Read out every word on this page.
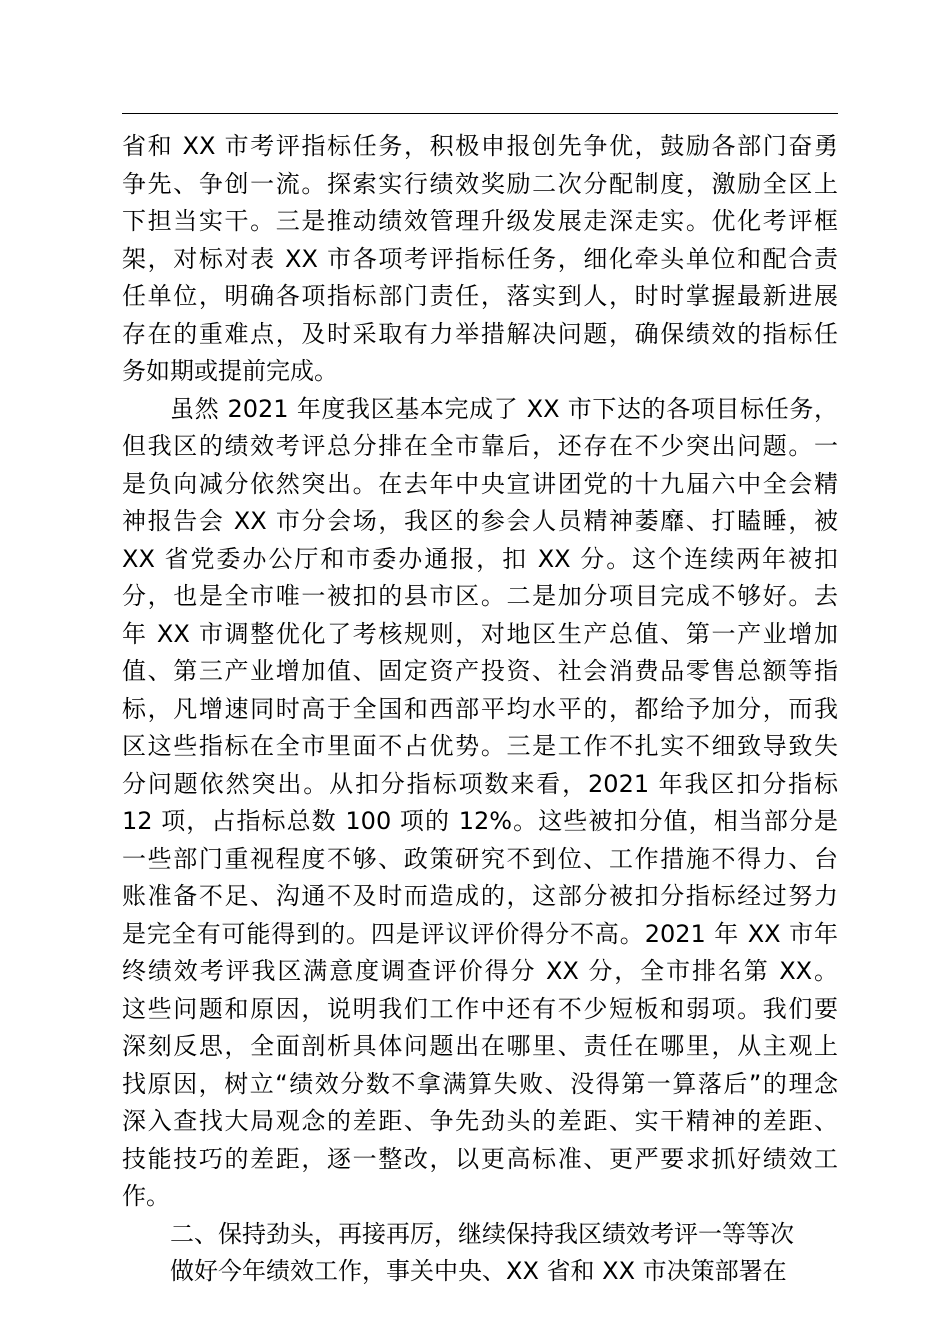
省和 XX 市考评指标任务，积极申报创先争优，鼓励各部门奋勇
争先、争创一流。探索实行绩效奖励二次分配制度，激励全区上
下担当实干。三是推动绩效管理升级发展走深走实。优化考评框
架，对标对表 XX 市各项考评指标任务，细化牵头单位和配合责
任单位，明确各项指标部门责任，落实到人，时时掌握最新进展
存在的重难点，及时采取有力举措解决问题，确保绩效的指标任
务如期或提前完成。
虽然 2021 年度我区基本完成了 XX 市下达的各项目标任务，
但我区的绩效考评总分排在全市靠后，还存在不少突出问题。一
是负向减分依然突出。在去年中央宣讲团党的十九届六中全会精
神报告会 XX 市分会场，我区的参会人员精神萎靡、打瞌睡，被
XX 省党委办公厅和市委办通报，扣 XX 分。这个连续两年被扣
分，也是全市唯一被扣的县市区。二是加分项目完成不够好。去
年 XX 市调整优化了考核规则，对地区生产总值、第一产业增加
值、第三产业增加值、固定资产投资、社会消费品零售总额等指
标，凡增速同时高于全国和西部平均水平的，都给予加分，而我
区这些指标在全市里面不占优势。三是工作不扎实不细致导致失
分问题依然突出。从扣分指标项数来看，2021 年我区扣分指标
12 项，占指标总数 100 项的 12%。这些被扣分值，相当部分是
一些部门重视程度不够、政策研究不到位、工作措施不得力、台
账准备不足、沟通不及时而造成的，这部分被扣分指标经过努力
是完全有可能得到的。四是评议评价得分不高。2021 年 XX 市年
终绩效考评我区满意度调查评价得分 XX 分，全市排名第 XX。
这些问题和原因，说明我们工作中还有不少短板和弱项。我们要
深刻反思，全面剖析具体问题出在哪里、责任在哪里，从主观上
找原因，树立“绩效分数不拿满算失败、没得第一算落后”的理念
深入查找大局观念的差距、争先劲头的差距、实干精神的差距、
技能技巧的差距，逐一整改，以更高标准、更严要求抓好绩效工
作。
二、保持劲头，再接再厉，继续保持我区绩效考评一等等次
做好今年绩效工作，事关中央、XX 省和 XX 市决策部署在
